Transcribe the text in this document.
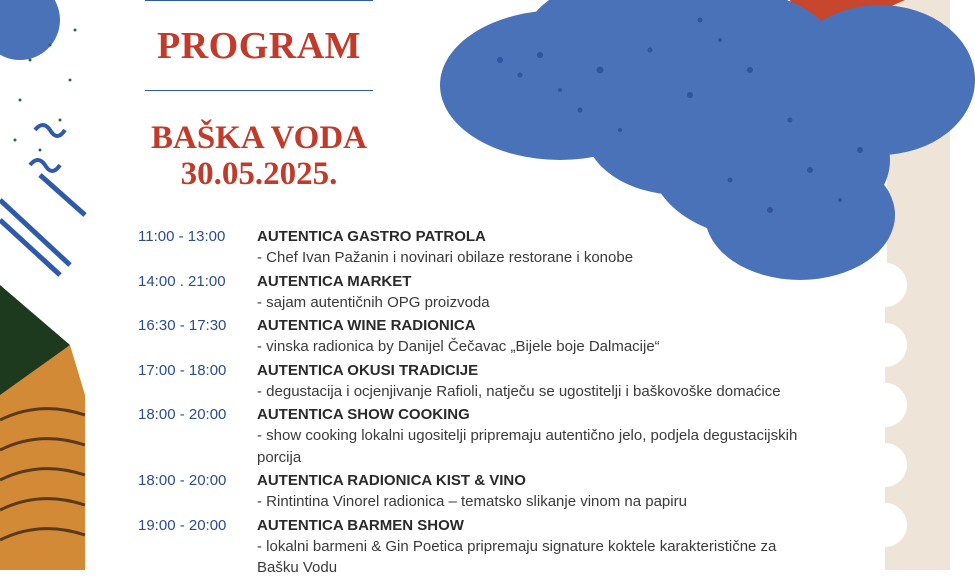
PROGRAM
BAŠKA VODA
30.05.2025.
11:00 - 13:00	AUTENTICA GASTRO PATROLA
- Chef Ivan Pažanin i novinari obilaze restorane i konobe
14:00 . 21:00	AUTENTICA MARKET
- sajam autentičnih OPG proizvoda
16:30 - 17:30	AUTENTICA WINE RADIONICA
- vinska radionica by Danijel Čečavac „Bijele boje Dalmacije“
17:00 - 18:00	AUTENTICA OKUSI TRADICIJE
- degustacija i ocjenjivanje Rafioli, natječu se ugostitelji i baškovoške domaćice
18:00 - 20:00	AUTENTICA SHOW COOKING
- show cooking lokalni ugositelji pripremaju autentično jelo, podjela degustacijskih porcija
18:00 - 20:00	AUTENTICA RADIONICA KIST & VINO
- Rintintina Vinorel radionica – tematsko slikanje vinom na papiru
19:00 - 20:00	AUTENTICA BARMEN SHOW
- lokalni barmeni & Gin Poetica pripremaju signature koktele karakteristične za Bašku Vodu
